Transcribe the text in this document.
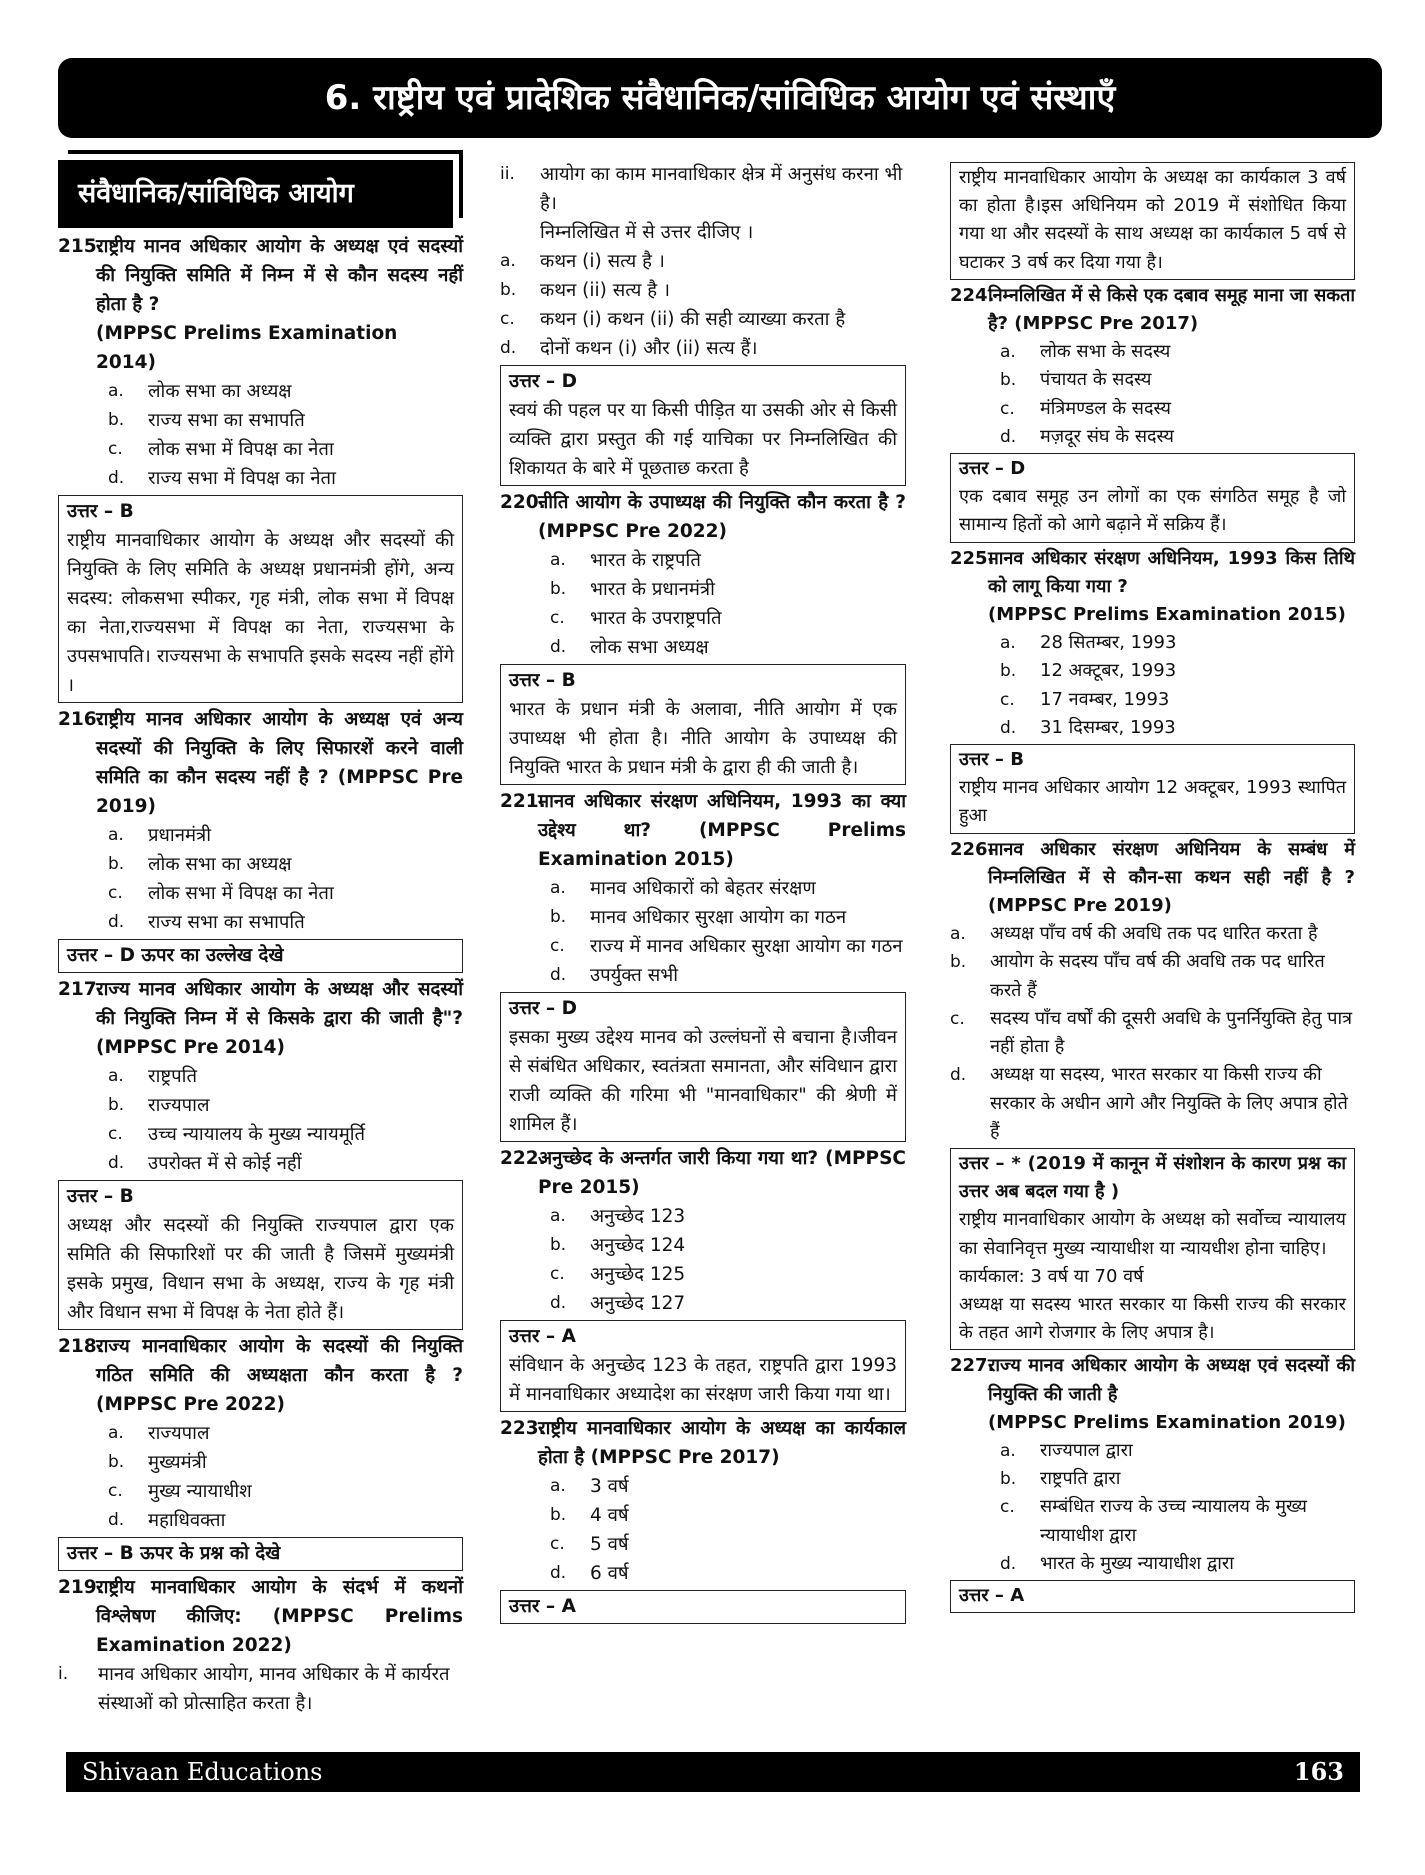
6. राष्ट्रीय एवं प्रादेशिक संवैधानिक/सांविधिक आयोग एवं संस्थाएँ
संवैधानिक/सांविधिक आयोग
215.राष्ट्रीय मानव अधिकार आयोग के अध्यक्ष एवं सदस्यों की नियुक्ति समिति में निम्न में से कौन सदस्य नहीं होता है ?
(MPPSC Prelims Examination 2014)
a.	लोक सभा का अध्यक्ष
b.	राज्य सभा का सभापति
c.	लोक सभा में विपक्ष का नेता
d.	राज्य सभा में विपक्ष का नेता
उत्तर – B
राष्ट्रीय मानवाधिकार आयोग के अध्यक्ष और सदस्यों की नियुक्ति के लिए समिति के अध्यक्ष प्रधानमंत्री होंगे, अन्य सदस्य: लोकसभा स्पीकर, गृह मंत्री, लोक सभा में विपक्ष का नेता,राज्यसभा में विपक्ष का नेता, राज्यसभा के उपसभापति। राज्यसभा के सभापति इसके सदस्य नहीं होंगे ।
216.राष्ट्रीय मानव अधिकार आयोग के अध्यक्ष एवं अन्य सदस्यों की नियुक्ति के लिए सिफारशें करने वाली समिति का कौन सदस्य नहीं है ? (MPPSC Pre 2019)
a.	प्रधानमंत्री
b.	लोक सभा का अध्यक्ष
c.	लोक सभा में विपक्ष का नेता
d.	राज्य सभा का सभापति
उत्तर – D ऊपर का उल्लेख देखे
217.राज्य मानव अधिकार आयोग के अध्यक्ष और सदस्यों की नियुक्ति निम्न में से किसके द्वारा की जाती है"? (MPPSC Pre 2014)
a.	राष्ट्रपति
b.	राज्यपाल
c.	उच्च न्यायालय के मुख्य न्यायमूर्ति
d.	उपरोक्त में से कोई नहीं
उत्तर – B
अध्यक्ष और सदस्यों की नियुक्ति राज्यपाल द्वारा एक समिति की सिफारिशों पर की जाती है जिसमें मुख्यमंत्री इसके प्रमुख, विधान सभा के अध्यक्ष, राज्य के गृह मंत्री और विधान सभा में विपक्ष के नेता होते हैं।
218.राज्य मानवाधिकार आयोग के सदस्यों की नियुक्ति गठित समिति की अध्यक्षता कौन करता है ? (MPPSC Pre 2022)
a.	राज्यपाल
b.	मुख्यमंत्री
c.	मुख्य न्यायाधीश
d.	महाधिवक्ता
उत्तर – B ऊपर के प्रश्न को देखे
219.राष्ट्रीय मानवाधिकार आयोग के संदर्भ में कथनों विश्लेषण कीजिए: (MPPSC Prelims Examination 2022)
i.	मानव अधिकार आयोग, मानव अधिकार के में कार्यरत संस्थाओं को प्रोत्साहित करता है।
ii.	आयोग का काम मानवाधिकार क्षेत्र में अनुसंध करना भी है।
निम्नलिखित में से उत्तर दीजिए ।
a.	कथन (i) सत्य है ।
b.	कथन (ii) सत्य है ।
c.	कथन (i) कथन (ii) की सही व्याख्या करता है
d.	दोनों कथन (i) और (ii) सत्य हैं।
उत्तर – D
स्वयं की पहल पर या किसी पीड़ित या उसकी ओर से किसी व्यक्ति द्वारा प्रस्तुत की गई याचिका पर निम्नलिखित की शिकायत के बारे में पूछताछ करता है
220.नीति आयोग के उपाध्यक्ष की नियुक्ति कौन करता है ? (MPPSC Pre 2022)
a.	भारत के राष्ट्रपति
b.	भारत के प्रधानमंत्री
c.	भारत के उपराष्ट्रपति
d.	लोक सभा अध्यक्ष
उत्तर – B
भारत के प्रधान मंत्री के अलावा, नीति आयोग में एक उपाध्यक्ष भी होता है। नीति आयोग के उपाध्यक्ष की नियुक्ति भारत के प्रधान मंत्री के द्वारा ही की जाती है।
221.मानव अधिकार संरक्षण अधिनियम, 1993 का क्या उद्देश्य था? (MPPSC Prelims Examination 2015)
a.	मानव अधिकारों को बेहतर संरक्षण
b.	मानव अधिकार सुरक्षा आयोग का गठन
c.	राज्य में मानव अधिकार सुरक्षा आयोग का गठन
d.	उपर्युक्त सभी
उत्तर – D
इसका मुख्य उद्देश्य मानव को उल्लंघनों से बचाना है।जीवन से संबंधित अधिकार, स्वतंत्रता समानता, और संविधान द्वारा राजी व्यक्ति की गरिमा भी "मानवाधिकार" की श्रेणी में शामिल हैं।
222.अनुच्छेद के अन्तर्गत जारी किया गया था? (MPPSC Pre 2015)
a.	अनुच्छेद 123
b.	अनुच्छेद 124
c.	अनुच्छेद 125
d.	अनुच्छेद 127
उत्तर – A
संविधान के अनुच्छेद 123 के तहत, राष्ट्रपति द्वारा 1993 में मानवाधिकार अध्यादेश का संरक्षण जारी किया गया था।
223.राष्ट्रीय मानवाधिकार आयोग के अध्यक्ष का कार्यकाल होता है (MPPSC Pre 2017)
a.	3 वर्ष
b.	4 वर्ष
c.	5 वर्ष
d.	6 वर्ष
उत्तर – A
राष्ट्रीय मानवाधिकार आयोग के अध्यक्ष का कार्यकाल 3 वर्ष का होता है।इस अधिनियम को 2019 में संशोधित किया गया था और सदस्यों के साथ अध्यक्ष का कार्यकाल 5 वर्ष से घटाकर 3 वर्ष कर दिया गया है।
224.निम्नलिखित में से किसे एक दबाव समूह माना जा सकता है? (MPPSC Pre 2017)
a.	लोक सभा के सदस्य
b.	पंचायत के सदस्य
c.	मंत्रिमण्डल के सदस्य
d.	मज़दूर संघ के सदस्य
उत्तर – D
एक दबाव समूह उन लोगों का एक संगठित समूह है जो सामान्य हितों को आगे बढ़ाने में सक्रिय हैं।
225.मानव अधिकार संरक्षण अधिनियम, 1993 किस तिथि को लागू किया गया ?
(MPPSC Prelims Examination 2015)
a.	28 सितम्बर, 1993
b.	12 अक्टूबर, 1993
c.	17 नवम्बर, 1993
d.	31 दिसम्बर, 1993
उत्तर – B
राष्ट्रीय मानव अधिकार आयोग 12 अक्टूबर, 1993 स्थापित हुआ
226.मानव अधिकार संरक्षण अधिनियम के सम्बंध में निम्नलिखित में से कौन-सा कथन सही नहीं है ? (MPPSC Pre 2019)
a.	अध्यक्ष पाँच वर्ष की अवधि तक पद धारित करता है
b.	आयोग के सदस्य पाँच वर्ष की अवधि तक पद धारित करते हैं
c.	सदस्य पाँच वर्षों की दूसरी अवधि के पुनर्नियुक्ति हेतु पात्र नहीं होता है
d.	अध्यक्ष या सदस्य, भारत सरकार या किसी राज्य की सरकार के अधीन आगे और नियुक्ति के लिए अपात्र होते हैं
उत्तर – * (2019 में कानून में संशोशन के कारण प्रश्न का उत्तर अब बदल गया है )
राष्ट्रीय मानवाधिकार आयोग के अध्यक्ष को सर्वोच्च न्यायालय का सेवानिवृत्त मुख्य न्यायाधीश या न्यायधीश होना चाहिए।
कार्यकाल: 3 वर्ष या 70 वर्ष
अध्यक्ष या सदस्य भारत सरकार या किसी राज्य की सरकार के तहत आगे रोजगार के लिए अपात्र है।
227.राज्य मानव अधिकार आयोग के अध्यक्ष एवं सदस्यों की नियुक्ति की जाती है
(MPPSC Prelims Examination 2019)
a.	राज्यपाल द्वारा
b.	राष्ट्रपति द्वारा
c.	सम्बंधित राज्य के उच्च न्यायालय के मुख्य न्यायाधीश द्वारा
d.	भारत के मुख्य न्यायाधीश द्वारा
उत्तर – A
Shivaan Educations	163
